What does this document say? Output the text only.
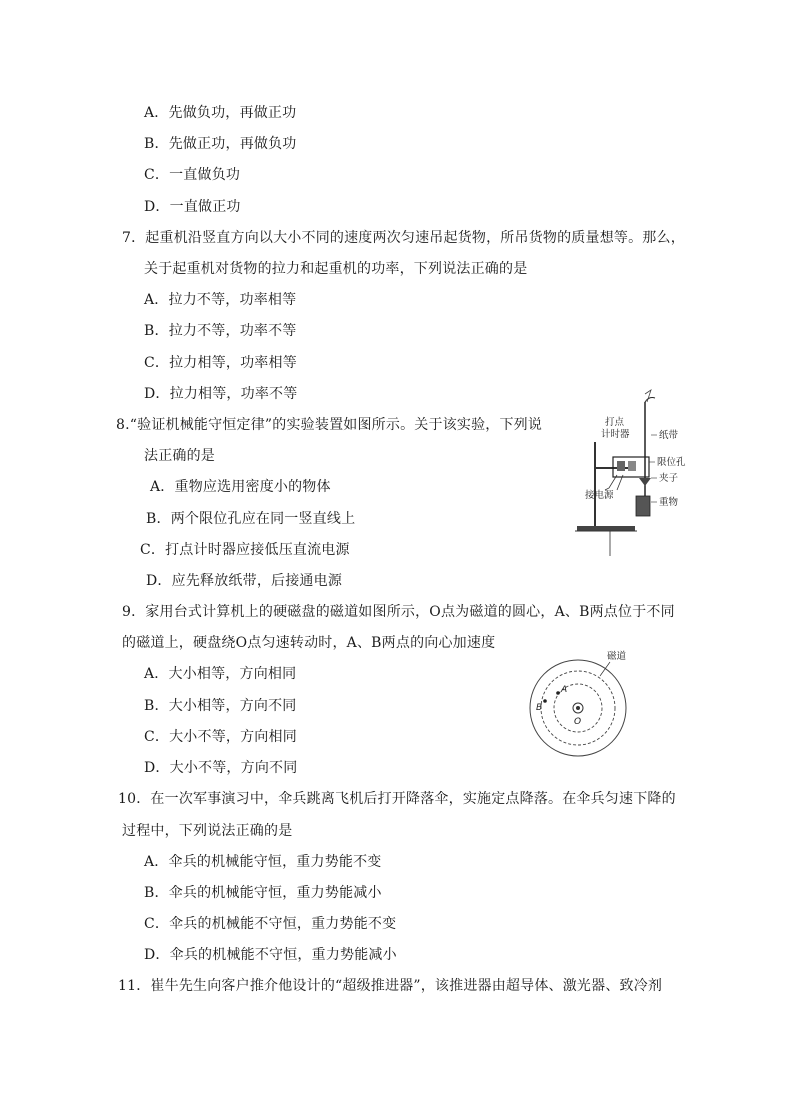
A．先做负功，再做正功
B．先做正功，再做负功
C．一直做负功
D．一直做正功
7．起重机沿竖直方向以大小不同的速度两次匀速吊起货物，所吊货物的质量想等。那么，
关于起重机对货物的拉力和起重机的功率，下列说法正确的是
A．拉力不等，功率相等
B．拉力不等，功率不等
C．拉力相等，功率相等
D．拉力相等，功率不等
8.“验证机械能守恒定律”的实验装置如图所示。关于该实验，下列说
法正确的是
A．重物应选用密度小的物体
B．两个限位孔应在同一竖直线上
C．打点计时器应接低压直流电源
D．应先释放纸带，后接通电源
打点
计时器	纸带
限位孔
夹子
接电源
重物
9．家用台式计算机上的硬磁盘的磁道如图所示，O点为磁道的圆心，A、B两点位于不同
的磁道上，硬盘绕O点匀速转动时，A、B两点的向心加速度
A．大小相等，方向相同
B．大小相等，方向不同
C．大小不等，方向相同
D．大小不等，方向不同
磁道
A
B
O
10．在一次军事演习中，伞兵跳离飞机后打开降落伞，实施定点降落。在伞兵匀速下降的
过程中，下列说法正确的是
A．伞兵的机械能守恒，重力势能不变
B．伞兵的机械能守恒，重力势能减小
C．伞兵的机械能不守恒，重力势能不变
D．伞兵的机械能不守恒，重力势能减小
11．崔牛先生向客户推介他设计的“超级推进器”，该推进器由超导体、激光器、致冷剂
